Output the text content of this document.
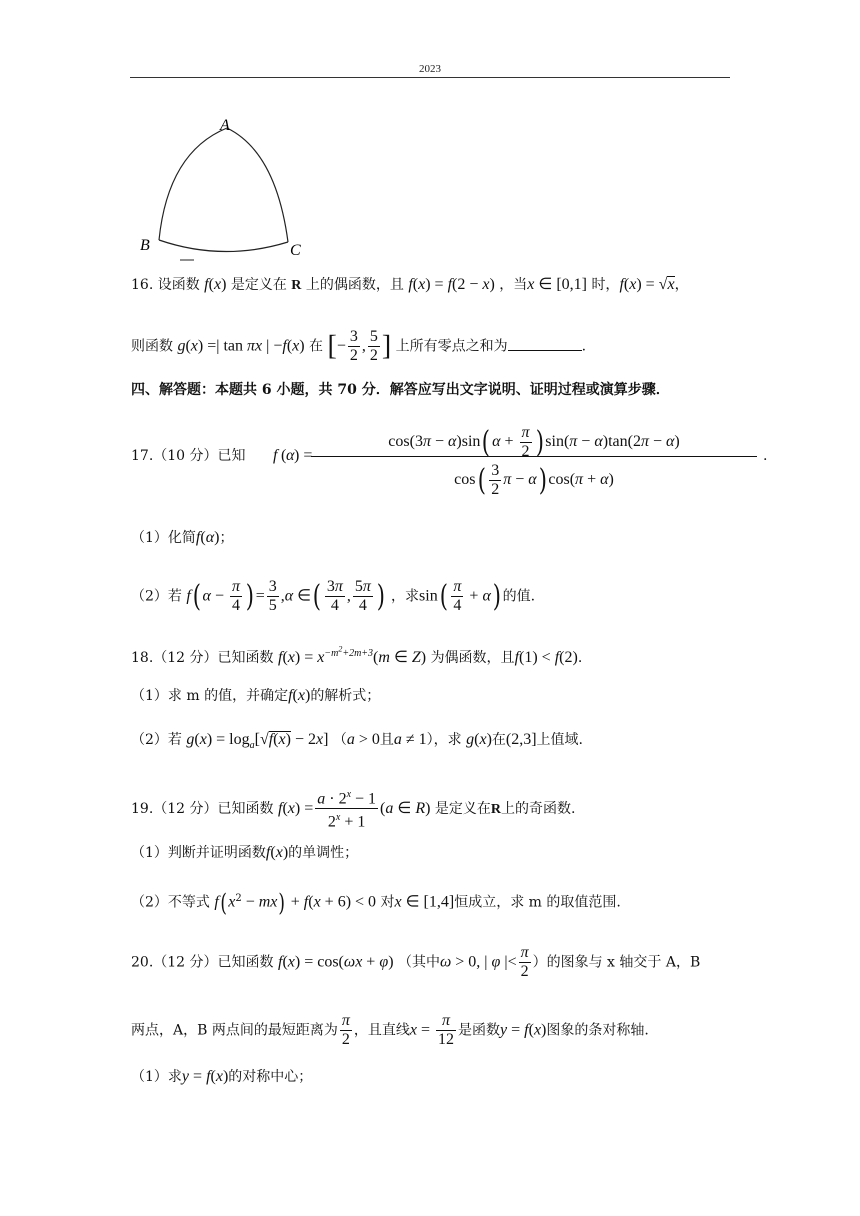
2023
A
B	C
16. 设函数 f(x) 是定义在 R 上的偶函数，且 f(x) = f(2 − x) ，当x ∈ [0,1] 时，f(x) = √x，
则函数 g(x) =| tan πx | −f(x) 在 [− $\frac{3}{2}$ , $\frac{5}{2}$ ] 上所有零点之和为	.
四、解答题：本题共 6 小题，共 70 分．解答应写出文字说明、证明过程或演算步骤．
17.（10 分）已知 f ( α ) =
cos(3π − α)sin( $\alpha + \frac{\pi}{2}$ ) sin(π − α)tan(2π − α)
$\cos( \frac{3}{2}$ π − α) cos(π + α)
.
（1）化简f(α)；
（2）若 f( $\alpha - \frac{\pi}{4}$ ) = $\frac{3}{5} ,\alpha$ ∈( $\frac{3\pi}{4}$ , $\frac{5\pi}{4}$ ) ，求$\sin( \frac{\pi}{4} + \alpha)$ 的值.
18.（12 分）已知函数 $f(x) = x^{-m^2+2m+3}(m$ ∈ Z) 为偶函数，且f(1) < f(2).
（1）求 m 的值，并确定f(x)的解析式；
（2）若 $g(x) = \log_a[√f(x) - 2x] (a > 0$且a ≠ 1），求 g(x)在(2,3]上值域.
19.（12 分）已知函数 $f(x) = \frac{a \cdot 2^x - 1}{2^x + 1} (a$ ∈ R) 是定义在R上的奇函数.
（1）判断并证明函数f(x)的单调性；
（2）不等式 $f(x^2 - mx) + f(x + 6) < 0$ 对x ∈ [1,4]恒成立，求 m 的取值范围.
20.（12 分）已知函数 f(x) = cos(ωx + φ) （其中ω > 0, | φ |< $\frac{\pi}{2}$ ）的图象与 x 轴交于 A，B
两点，A，B 两点间的最短距离为 $\frac{\pi}{2}$ ，且直线$x = \frac{\pi}{12}$ 是函数y = f(x)图象的条对称轴.
（1）求y = f(x)的对称中心；
